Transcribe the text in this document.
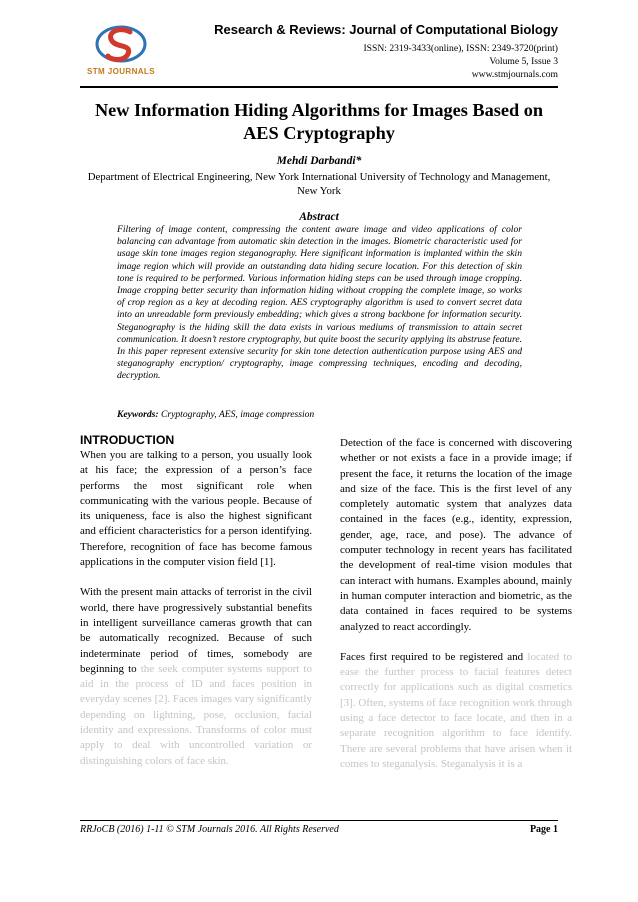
STM JOURNALS
Research & Reviews: Journal of Computational Biology
ISSN: 2319-3433(online), ISSN: 2349-3720(print)
Volume 5, Issue 3
www.stmjournals.com
New Information Hiding Algorithms for Images Based on AES Cryptography
Mehdi Darbandi*
Department of Electrical Engineering, New York International University of Technology and Management, New York
Abstract
Filtering of image content, compressing the content aware image and video applications of color balancing can advantage from automatic skin detection in the images. Biometric characteristic used for usage skin tone images region steganography. Here significant information is implanted within the skin image region which will provide an outstanding data hiding secure location. For this detection of skin tone is required to be performed. Various information hiding steps can be used through image cropping. Image cropping better security than information hiding without cropping the complete image, so works of crop region as a key at decoding region. AES cryptography algorithm is used to convert secret data into an unreadable form previously embedding; which gives a strong backbone for information security. Steganography is the hiding skill the data exists in various mediums of transmission to attain secret communication. It doesn’t restore cryptography, but quite boost the security applying its abstruse feature. In this paper represent extensive security for skin tone detection authentication purpose using AES and steganography encryption/ cryptography, image compressing techniques, encoding and decoding, decryption.
Keywords: Cryptography, AES, image compression
INTRODUCTION

When you are talking to a person, you usually look at his face; the expression of a person’s face performs the most significant role when communicating with the various people. Because of its uniqueness, face is also the highest significant and efficient characteristics for a person identifying. Therefore, recognition of face has become famous applications in the computer vision field [1].

With the present main attacks of terrorist in the civil world, there have progressively substantial benefits in intelligent surveillance cameras growth that can be automatically recognized. Because of such indeterminate period of times, somebody are beginning to the seek computer systems support to aid in the process of ID and faces position in everyday scenes [2]. Faces images vary significantly depending on lightning, pose, occlusion, facial identity and expressions. Transforms of color must apply to deal with uncontrolled variation or distinguishing colors of face skin.

Detection of the face is concerned with discovering whether or not exists a face in a provide image; if present the face, it returns the location of the image and size of the face. This is the first level of any completely automatic system that analyzes data contained in the faces (e.g., identity, expression, gender, age, race, and pose). The advance of computer technology in recent years has facilitated the development of real-time vision modules that can interact with humans. Examples abound, mainly in human computer interaction and biometric, as the data contained in faces required to be systems analyzed to react accordingly.

Faces first required to be registered and located to ease the further process to facial features detect correctly for applications such as digital cosmetics [3]. Often, systems of face recognition work through using a face detector to face locate, and then in a separate recognition algorithm to face identify. There are several problems that have arisen when it comes to steganalysis. Steganalysis it is a

RRJoCB (2016) 1-11 © STM Journals 2016. All Rights Reserved	Page 1
